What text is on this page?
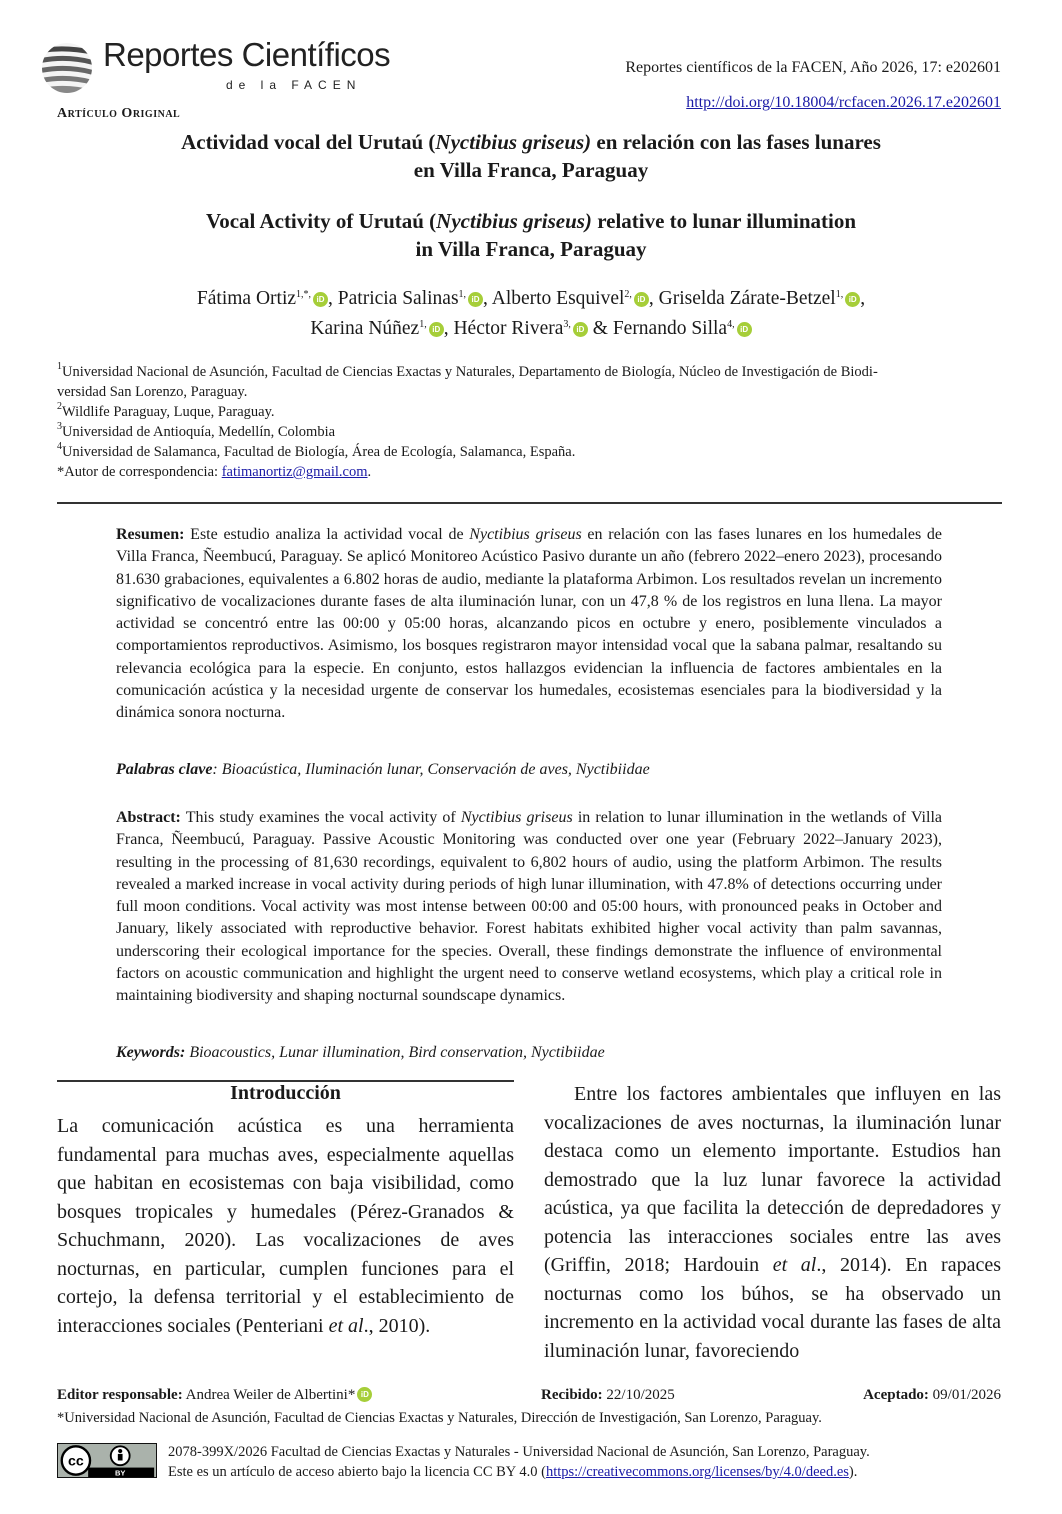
Reportes Científicos
de la FACEN
Artículo Original
Reportes científicos de la FACEN, Año 2026, 17: e202601
http://doi.org/10.18004/rcfacen.2026.17.e202601
Actividad vocal del Urutaú (Nyctibius griseus) en relación con las fases lunares
en Villa Franca, Paraguay
Vocal Activity of Urutaú (Nyctibius griseus) relative to lunar illumination
in Villa Franca, Paraguay
Fátima Ortiz$^{1,*,}$ iD , Patricia Salinas$^{1,}$ iD , Alberto Esquivel$^{2,}$ iD , Griselda Zárate-Betzel$^{1,}$ iD ,
Karina Núñez$^{1,}$ iD , Héctor Rivera$^{3,}$ iD & Fernando Silla$^{4,}$ iD

$^1$Universidad Nacional de Asunción, Facultad de Ciencias Exactas y Naturales, Departamento de Biología, Núcleo de Investigación de Biodi-

versidad San Lorenzo, Paraguay.

$^2$Wildlife Paraguay, Luque, Paraguay.

$^3$Universidad de Antioquía, Medellín, Colombia

$^4$Universidad de Salamanca, Facultad de Biología, Área de Ecología, Salamanca, España.

*Autor de correspondencia: fatimanortiz@gmail.com.

Resumen: Este estudio analiza la actividad vocal de Nyctibius griseus en relación con las fases lunares en los humedales de Villa Franca, Ñeembucú, Paraguay. Se aplicó Monitoreo Acústico Pasivo durante un año (febrero 2022–enero 2023), procesando 81.630 grabaciones, equivalentes a 6.802 horas de audio, mediante la plataforma Arbimon. Los resultados revelan un incremento significativo de vocalizaciones durante fases de alta iluminación lunar, con un 47,8 % de los registros en luna llena. La mayor actividad se concentró entre las 00:00 y 05:00 horas, alcanzando picos en octubre y enero, posiblemente vinculados a comportamientos reproductivos. Asimismo, los bosques registraron mayor intensidad vocal que la sabana palmar, resaltando su relevancia ecológica para la especie. En conjunto, estos hallazgos evidencian la influencia de factores ambientales en la comunicación acústica y la necesidad urgente de conservar los humedales, ecosistemas esenciales para la biodiversidad y la dinámica sonora nocturna.

Palabras clave: Bioacústica, Iluminación lunar, Conservación de aves, Nyctibiidae

Abstract: This study examines the vocal activity of Nyctibius griseus in relation to lunar illumination in the wetlands of Villa Franca, Ñeembucú, Paraguay. Passive Acoustic Monitoring was conducted over one year (February 2022–January 2023), resulting in the processing of 81,630 recordings, equivalent to 6,802 hours of audio, using the platform Arbimon. The results revealed a marked increase in vocal activity during periods of high lunar illumination, with 47.8% of detections occurring under full moon conditions. Vocal activity was most intense between 00:00 and 05:00 hours, with pronounced peaks in October and January, likely associated with reproductive behavior. Forest habitats exhibited higher vocal activity than palm savannas, underscoring their ecological importance for the species. Overall, these findings demonstrate the influence of environmental factors on acoustic communication and highlight the urgent need to conserve wetland ecosystems, which play a critical role in maintaining biodiversity and shaping nocturnal soundscape dynamics.

Keywords: Bioacoustics, Lunar illumination, Bird conservation, Nyctibiidae
Introducción

La comunicación acústica es una herramienta fundamental para muchas aves, especialmente aquellas que habitan en ecosistemas con baja visibilidad, como bosques tropicales y humedales (Pérez-Granados & Schuchmann, 2020). Las vocalizaciones de aves nocturnas, en particular, cumplen funciones para el cortejo, la defensa territorial y el establecimiento de interacciones sociales (Penteriani et al., 2010).

Entre los factores ambientales que influyen en las vocalizaciones de aves nocturnas, la iluminación lunar destaca como un elemento importante. Estudios han demostrado que la luz lunar favorece la actividad acústica, ya que facilita la detección de depredadores y potencia las interacciones sociales entre las aves (Griffin, 2018; Hardouin et al., 2014). En rapaces nocturnas como los búhos, se ha observado un incremento en la actividad vocal durante las fases de alta iluminación lunar, favoreciendo

Editor responsable: Andrea Weiler de Albertini* iD	Recibido: 22/10/2025	Aceptado: 09/01/2026
*Universidad Nacional de Asunción, Facultad de Ciencias Exactas y Naturales, Dirección de Investigación, San Lorenzo, Paraguay.
cc
BY

2078-399X/2026 Facultad de Ciencias Exactas y Naturales - Universidad Nacional de Asunción, San Lorenzo, Paraguay.

Este es un artículo de acceso abierto bajo la licencia CC BY 4.0 (https://creativecommons.org/licenses/by/4.0/deed.es).
